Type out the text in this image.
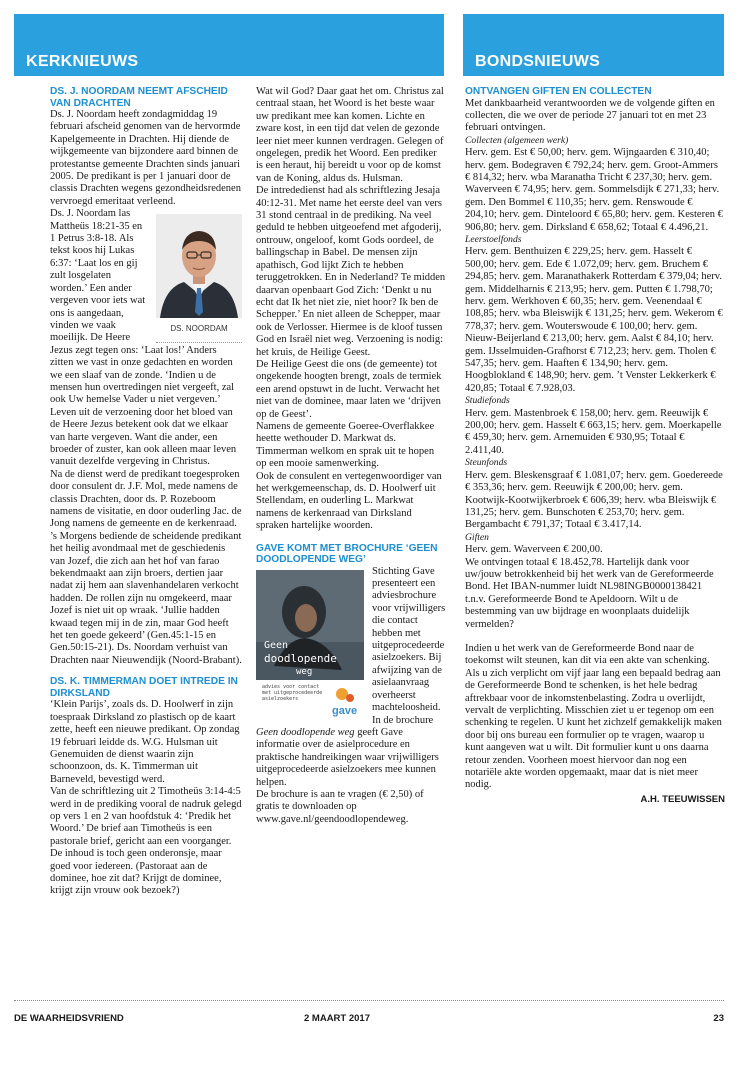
KERKNIEUWS	BONDSNIEUWS
DS. J. NOORDAM NEEMT AFSCHEID VAN DRACHTEN

Ds. J. Noordam heeft zondagmiddag 19 februari afscheid genomen van de hervormde Kapelgemeente in Drachten. Hij diende de wijkgemeente van bijzondere aard binnen de protestantse gemeente Drachten sinds januari 2005. De predikant is per 1 januari door de classis Drachten wegens gezondheidsredenen vervroegd emeritaat verleend.

DS. NOORDAM

Ds. J. Noordam las Mattheüs 18:21-35 en 1 Petrus 3:8-18. Als tekst koos hij Lukas 6:37: ‘Laat los en gij zult losgelaten worden.’ Een ander vergeven voor iets wat ons is aangedaan, vinden we vaak moeilijk. De Heere Jezus zegt tegen ons: ‘Laat los!’ Anders zitten we vast in onze gedachten en worden we een slaaf van de zonde. ‘Indien u de mensen hun overtredingen niet vergeeft, zal ook Uw hemelse Vader u niet vergeven.’ Leven uit de verzoening door het bloed van de Heere Jezus betekent ook dat we elkaar van harte vergeven. Want die ander, een broeder of zuster, kan ook alleen maar leven vanuit dezelfde vergeving in Christus.

Na de dienst werd de predikant toegesproken door consulent dr. J.F. Mol, mede namens de classis Drachten, door ds. P. Rozeboom namens de visitatie, en door ouderling Jac. de Jong namens de gemeente en de kerkenraad.

’s Morgens bediende de scheidende predikant het heilig avondmaal met de geschiedenis van Jozef, die zich aan het hof van farao bekendmaakt aan zijn broers, dertien jaar nadat zij hem aan slavenhandelaren verkocht hadden. De rollen zijn nu omgekeerd, maar Jozef is niet uit op wraak. ‘Jullie hadden kwaad tegen mij in de zin, maar God heeft het ten goede gekeerd’ (Gen.45:1-15 en Gen.50:15-21). Ds. Noordam verhuist van Drachten naar Nieuwendijk (Noord-Brabant).

DS. K. TIMMERMAN DOET INTREDE IN DIRKSLAND

‘Klein Parijs’, zoals ds. D. Hoolwerf in zijn toespraak Dirksland zo plastisch op de kaart zette, heeft een nieuwe predikant. Op zondag 19 februari leidde ds. W.G. Hulsman uit Genemuiden de dienst waarin zijn schoonzoon, ds. K. Timmerman uit Barneveld, bevestigd werd.

Van de schriftlezing uit 2 Timotheüs 3:14-4:5 werd in de prediking vooral de nadruk gelegd op vers 1 en 2 van hoofdstuk 4: ‘Predik het Woord.’ De brief aan Timotheüs is een pastorale brief, gericht aan een voorganger. De inhoud is toch geen onderonsje, maar goed voor iedereen. (Pastoraat aan de dominee, hoe zit dat? Krijgt de dominee, krijgt zijn vrouw ook bezoek?)

Wat wil God? Daar gaat het om. Christus zal centraal staan, het Woord is het beste waar uw predikant mee kan komen. Lichte en zware kost, in een tijd dat velen de gezonde leer niet meer kunnen verdragen. Gelegen of ongelegen, predik het Woord. Een prediker is een heraut, hij bereidt u voor op de komst van de Koning, aldus ds. Hulsman.

De intrededienst had als schriftlezing Jesaja 40:12-31. Met name het eerste deel van vers 31 stond centraal in de prediking. Na veel geduld te hebben uitgeoefend met afgoderij, ontrouw, ongeloof, komt Gods oordeel, de ballingschap in Babel. De mensen zijn apathisch, God lijkt Zich te hebben teruggetrokken. En in Nederland? Te midden daarvan openbaart God Zich: ‘Denkt u nu echt dat Ik het niet zie, niet hoor? Ik ben de Schepper.’ En niet alleen de Schepper, maar ook de Verlosser. Hiermee is de kloof tussen God en Israël niet weg. Verzoening is nodig: het kruis, de Heilige Geest.

De Heilige Geest die ons (de gemeente) tot ongekende hoogten brengt, zoals de termiek een arend opstuwt in de lucht. Verwacht het niet van de dominee, maar laten we ‘drijven op de Geest’.

Namens de gemeente Goeree-Overflakkee heette wethouder D. Markwat ds. Timmerman welkom en sprak uit te hopen op een mooie samenwerking.

Ook de consulent en vertegenwoordiger van het werkgemeenschap, ds. D. Hoolwerf uit Stellendam, en ouderling L. Markwat namens de kerkenraad van Dirksland spraken hartelijke woorden.

GAVE KOMT MET BROCHURE ‘GEEN DOODLOPENDE WEG’

Geen
doodlopende
weg
advies voor contact met uitgeprocedeerde asielzoekers
gave
Stichting Gave presenteert een adviesbrochure voor vrijwilligers die contact hebben met uitgeprocedeerde asielzoekers. Bij afwijzing van de asielaanvraag overheerst machteloosheid. In de brochure Geen doodlopende weg geeft Gave informatie over de asielprocedure en praktische handreikingen waar vrijwilligers uitgeprocedeerde asielzoekers mee kunnen helpen.

De brochure is aan te vragen (€ 2,50) of gratis te downloaden op www.gave.nl/geendoodlopendeweg.

ONTVANGEN GIFTEN EN COLLECTEN

Met dankbaarheid verantwoorden we de volgende giften en collecten, die we over de periode 27 januari tot en met 23 februari ontvingen.

Collecten (algemeen werk)

Herv. gem. Est € 50,00; herv. gem. Wijngaarden € 310,40; herv. gem. Bodegraven € 792,24; herv. gem. Groot-Ammers € 814,32; herv. wba Maranatha Tricht € 237,30; herv. gem. Waverveen € 74,95; herv. gem. Sommelsdijk € 271,33; herv. gem. Den Bommel € 110,35; herv. gem. Renswoude € 204,10; herv. gem. Dinteloord € 65,80; herv. gem. Kesteren € 906,80; herv. gem. Dirksland € 658,62; Totaal € 4.496,21.

Leerstoelfonds

Herv. gem. Benthuizen € 229,25; herv. gem. Hasselt € 500,00; herv. gem. Ede € 1.072,09; herv. gem. Bruchem € 294,85; herv. gem. Maranathakerk Rotterdam € 379,04; herv. gem. Middelharnis € 213,95; herv. gem. Putten € 1.798,70; herv. gem. Werkhoven € 60,35; herv. gem. Veenendaal € 108,85; herv. wba Bleiswijk € 131,25; herv. gem. Wekerom € 778,37; herv. gem. Wouterswoude € 100,00; herv. gem. Nieuw-Beijerland € 213,00; herv. gem. Aalst € 84,10; herv. gem. IJsselmuiden-Grafhorst € 712,23; herv. gem. Tholen € 547,35; herv. gem. Haaften € 134,90; herv. gem. Hoogblokland € 148,90; herv. gem. ’t Venster Lekkerkerk € 420,85; Totaal € 7.928,03.

Studiefonds

Herv. gem. Mastenbroek € 158,00; herv. gem. Reeuwijk € 200,00; herv. gem. Hasselt € 663,15; herv. gem. Moerkapelle € 459,30; herv. gem. Arnemuiden € 930,95; Totaal € 2.411,40.

Steunfonds

Herv. gem. Bleskensgraaf € 1.081,07; herv. gem. Goedereede € 353,36; herv. gem. Reeuwijk € 200,00; herv. gem. Kootwijk-Kootwijkerbroek € 606,39; herv. wba Bleiswijk € 131,25; herv. gem. Bunschoten € 253,70; herv. gem. Bergambacht € 791,37; Totaal € 3.417,14.

Giften

Herv. gem. Waverveen € 200,00.

We ontvingen totaal € 18.452,78. Hartelijk dank voor uw/jouw betrokkenheid bij het werk van de Gereformeerde Bond. Het IBAN-nummer luidt NL98INGB0000138421 t.n.v. Gereformeerde Bond te Apeldoorn. Wilt u de bestemming van uw bijdrage en woonplaats duidelijk vermelden?

Indien u het werk van de Gereformeerde Bond naar de toekomst wilt steunen, kan dit via een akte van schenking. Als u zich verplicht om vijf jaar lang een bepaald bedrag aan de Gereformeerde Bond te schenken, is het hele bedrag aftrekbaar voor de inkomstenbelasting. Zodra u overlijdt, vervalt de verplichting. Misschien ziet u er tegenop om een schenking te regelen. U kunt het zichzelf gemakkelijk maken door bij ons bureau een formulier op te vragen, waarop u kunt aangeven wat u wilt. Dit formulier kunt u ons daarna retour zenden. Voorheen moest hiervoor dan nog een notariële akte worden opgemaakt, maar dat is niet meer nodig.

A.H. TEEUWISSEN
DE WAARHEIDSVRIEND	2 MAART 2017	23
